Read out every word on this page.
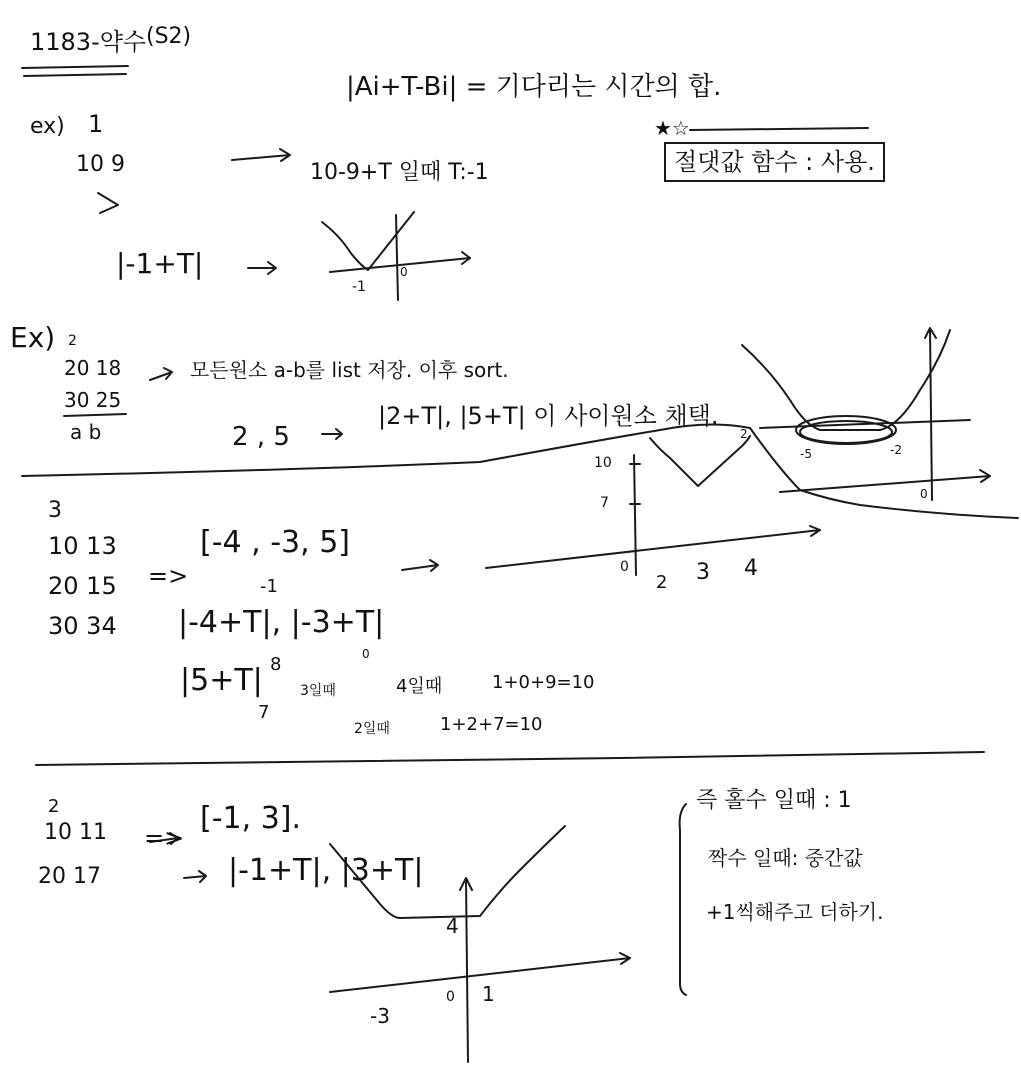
1183-약수 (S2)
|Ai+T-Bi| = 기다리는 시간의 합.
ex) 1
10 9	10-9+T 일때 T:-1
|-1+T|
-1
0
★☆
절댓값 함수 : 사용.
Ex) 2
20 18
30 25
a b
모든원소 a-b를 list 저장. 이후 sort.
2 , 5
|2+T|, |5+T| 이 사이원소 채택.
-5	-2
0
3
10 13
20 15
30 34
=>
[-4 , -3, 5]
-1
|-4+T|, |-3+T|
0
|5+T| 8
7
3일때	4일때	1+0+9=10
2일때	1+2+7=10
10
7
0
2 3 4
2
2
10 11
20 17
=>
[-1, 3].
|-1+T|, |3+T|
4
-3
0 1
즉 홀수 일때 : 1
짝수 일때: 중간값
+1씩해주고 더하기.
